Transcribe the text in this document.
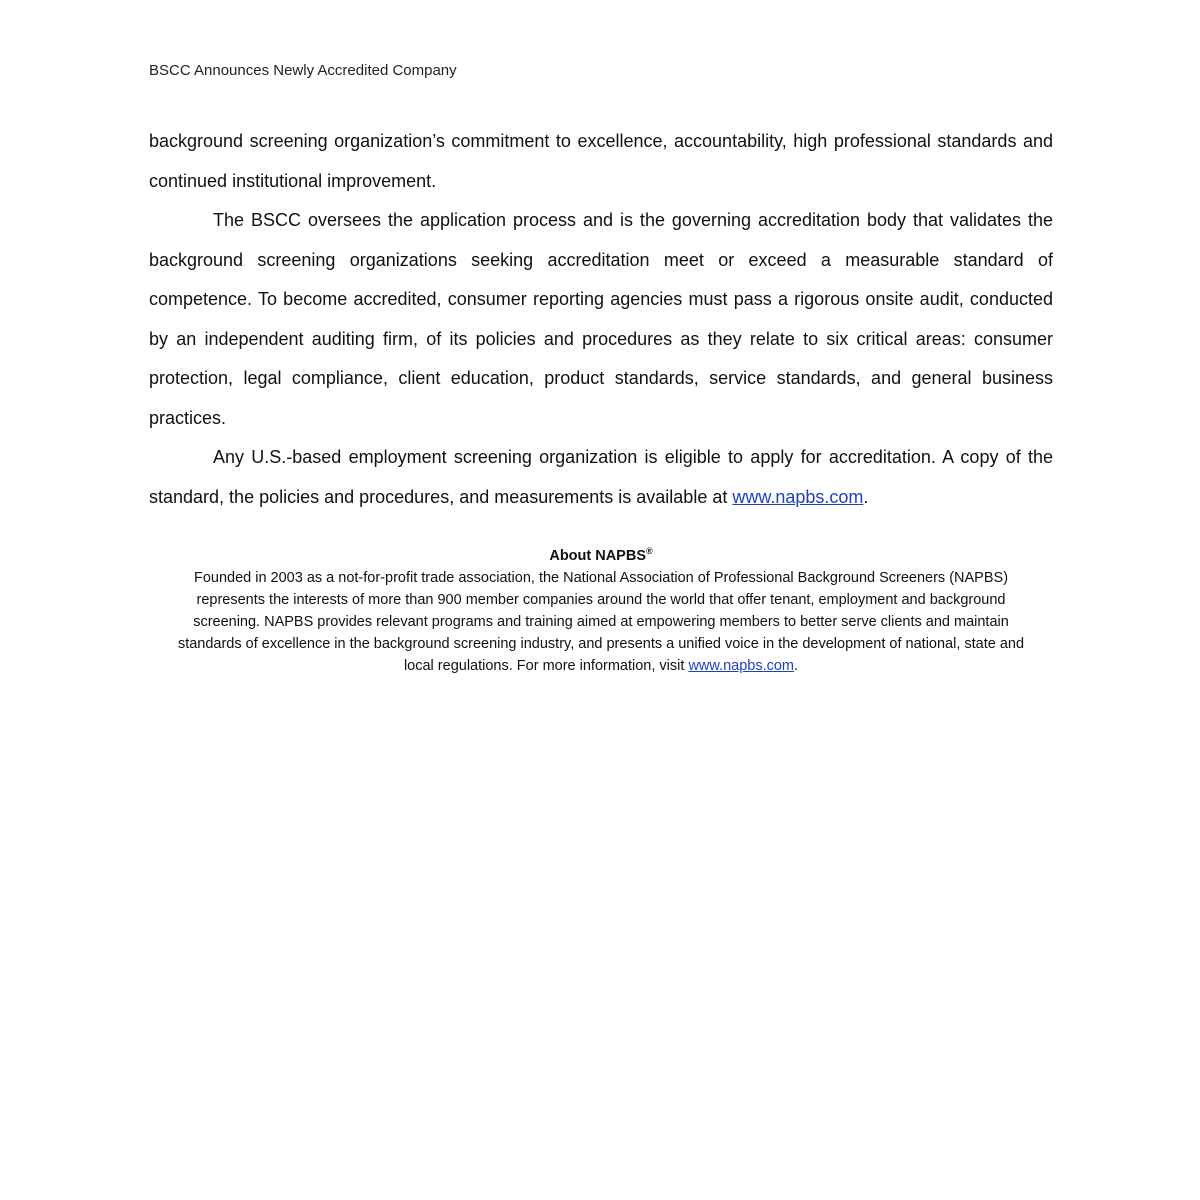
BSCC Announces Newly Accredited Company

background screening organization’s commitment to excellence, accountability, high professional standards and continued institutional improvement.

The BSCC oversees the application process and is the governing accreditation body that validates the background screening organizations seeking accreditation meet or exceed a measurable standard of competence. To become accredited, consumer reporting agencies must pass a rigorous onsite audit, conducted by an independent auditing firm, of its policies and procedures as they relate to six critical areas: consumer protection, legal compliance, client education, product standards, service standards, and general business practices.

Any U.S.-based employment screening organization is eligible to apply for accreditation. A copy of the standard, the policies and procedures, and measurements is available at www.napbs.com.

About NAPBS®

Founded in 2003 as a not-for-profit trade association, the National Association of Professional Background Screeners (NAPBS) represents the interests of more than 900 member companies around the world that offer tenant, employment and background screening. NAPBS provides relevant programs and training aimed at empowering members to better serve clients and maintain standards of excellence in the background screening industry, and presents a unified voice in the development of national, state and local regulations. For more information, visit www.napbs.com.
